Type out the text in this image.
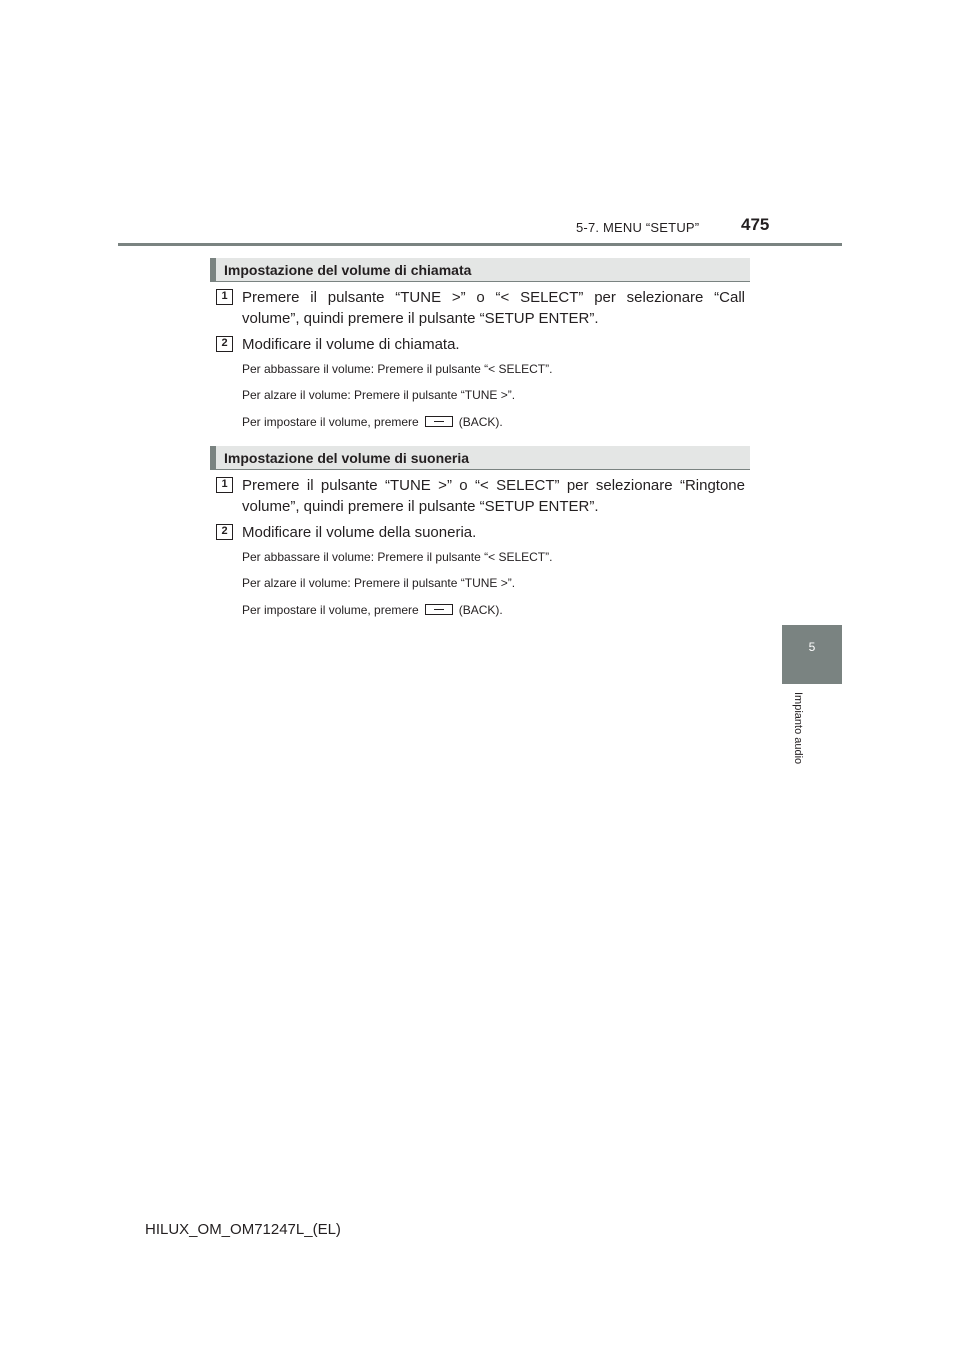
5-7. MENU “SETUP” 475
5
Impianto audio
Impostazione del volume di chiamata
1 Premere il pulsante “TUNE >” o “< SELECT” per selezionare “Call
volume”, quindi premere il pulsante “SETUP ENTER”.
2 Modificare il volume di chiamata.
Per abbassare il volume: Premere il pulsante “< SELECT”.
Per alzare il volume: Premere il pulsante “TUNE >”.
Per impostare il volume, premere	(BACK).
Impostazione del volume di suoneria
1 Premere il pulsante “TUNE >” o “< SELECT” per selezionare “Ringtone
volume”, quindi premere il pulsante “SETUP ENTER”.
2 Modificare il volume della suoneria.
Per abbassare il volume: Premere il pulsante “< SELECT”.
Per alzare il volume: Premere il pulsante “TUNE >”.
Per impostare il volume, premere	(BACK).
HILUX_OM_OM71247L_(EL)
